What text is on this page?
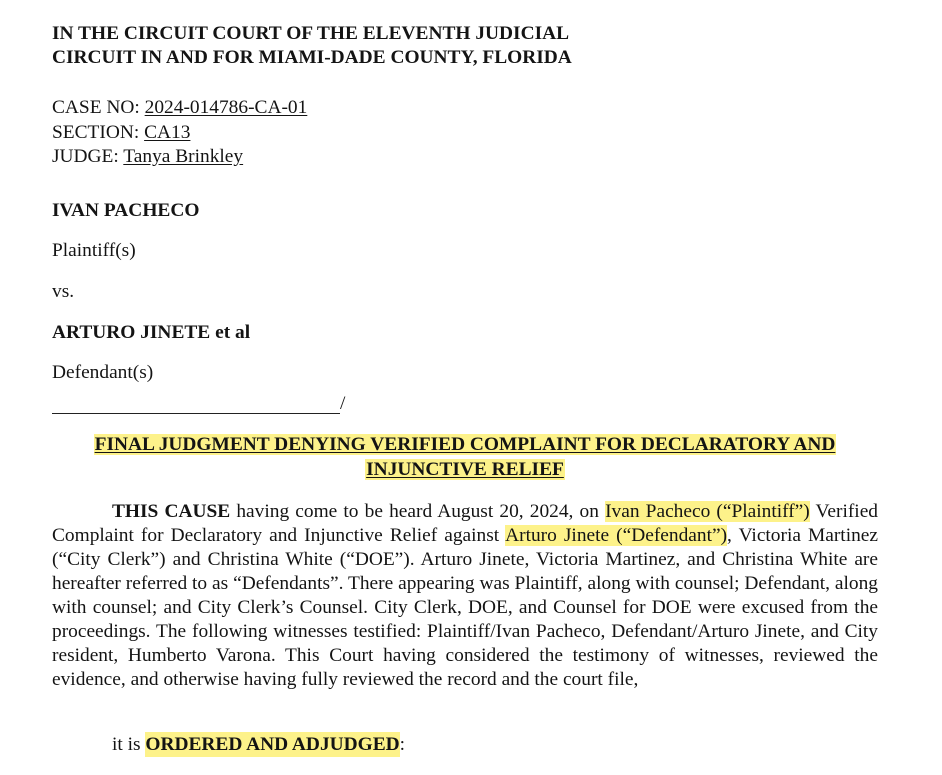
IN THE CIRCUIT COURT OF THE ELEVENTH JUDICIAL
CIRCUIT IN AND FOR MIAMI-DADE COUNTY, FLORIDA
CASE NO: 2024-014786-CA-01
SECTION: CA13
JUDGE: Tanya Brinkley
IVAN PACHECO
Plaintiff(s)
vs.
ARTURO JINETE et al
Defendant(s)
/
FINAL JUDGMENT DENYING VERIFIED COMPLAINT FOR DECLARATORY AND
INJUNCTIVE RELIEF

THIS CAUSE having come to be heard August 20, 2024, on Ivan Pacheco (“Plaintiff”) Verified Complaint for Declaratory and Injunctive Relief against Arturo Jinete (“Defendant”), Victoria Martinez (“City Clerk”) and Christina White (“DOE”). Arturo Jinete, Victoria Martinez, and Christina White are hereafter referred to as “Defendants”. There appearing was Plaintiff, along with counsel; Defendant, along with counsel; and City Clerk’s Counsel. City Clerk, DOE, and Counsel for DOE were excused from the proceedings. The following witnesses testified: Plaintiff/Ivan Pacheco, Defendant/Arturo Jinete, and City resident, Humberto Varona. This Court having considered the testimony of witnesses, reviewed the evidence, and otherwise having fully reviewed the record and the court file,

it is ORDERED AND ADJUDGED:
